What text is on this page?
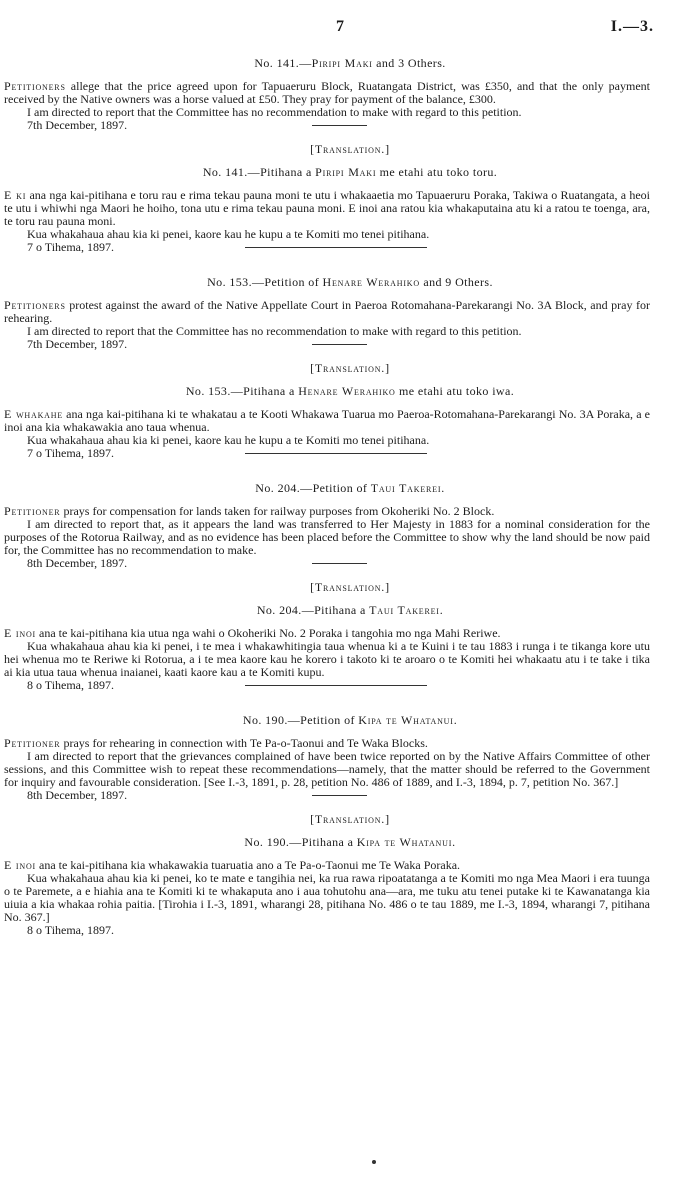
7	I.—3.

No. 141.—Piripi Maki and 3 Others.

Petitioners allege that the price agreed upon for Tapuaeruru Block, Ruatangata District, was £350, and that the only payment received by the Native owners was a horse valued at £50. They pray for payment of the balance, £300.

I am directed to report that the Committee has no recommendation to make with regard to this petition.

7th December, 1897.

[Translation.]

No. 141.—Pitihana a Piripi Maki me etahi atu toko toru.

E ki ana nga kai-pitihana e toru rau e rima tekau pauna moni te utu i whakaaetia mo Tapuaeruru Poraka, Takiwa o Ruatangata, a heoi te utu i whiwhi nga Maori he hoiho, tona utu e rima tekau pauna moni. E inoi ana ratou kia whakaputaina atu ki a ratou te toenga, ara, te toru rau pauna moni.

Kua whakahaua ahau kia ki penei, kaore kau he kupu a te Komiti mo tenei pitihana.

7 o Tihema, 1897.

No. 153.—Petition of Henare Werahiko and 9 Others.

Petitioners protest against the award of the Native Appellate Court in Paeroa Rotomahana-Parekarangi No. 3A Block, and pray for rehearing.

I am directed to report that the Committee has no recommendation to make with regard to this petition.

7th December, 1897.

[Translation.]

No. 153.—Pitihana a Henare Werahiko me etahi atu toko iwa.

E whakahe ana nga kai-pitihana ki te whakatau a te Kooti Whakawa Tuarua mo Paeroa-Rotomahana-Parekarangi No. 3A Poraka, a e inoi ana kia whakawakia ano taua whenua.

Kua whakahaua ahau kia ki penei, kaore kau he kupu a te Komiti mo tenei pitihana.

7 o Tihema, 1897.

No. 204.—Petition of Taui Takerei.

Petitioner prays for compensation for lands taken for railway purposes from Okoheriki No. 2 Block.

I am directed to report that, as it appears the land was transferred to Her Majesty in 1883 for a nominal consideration for the purposes of the Rotorua Railway, and as no evidence has been placed before the Committee to show why the land should be now paid for, the Committee has no recommendation to make.

8th December, 1897.

[Translation.]

No. 204.—Pitihana a Taui Takerei.

E inoi ana te kai-pitihana kia utua nga wahi o Okoheriki No. 2 Poraka i tangohia mo nga Mahi Reriwe.

Kua whakahaua ahau kia ki penei, i te mea i whakawhitingia taua whenua ki a te Kuini i te tau 1883 i runga i te tikanga kore utu hei whenua mo te Reriwe ki Rotorua, a i te mea kaore kau he korero i takoto ki te aroaro o te Komiti hei whakaatu atu i te take i tika ai kia utua taua whenua inaianei, kaati kaore kau a te Komiti kupu.

8 o Tihema, 1897.

No. 190.—Petition of Kipa te Whatanui.

Petitioner prays for rehearing in connection with Te Pa-o-Taonui and Te Waka Blocks.

I am directed to report that the grievances complained of have been twice reported on by the Native Affairs Committee of other sessions, and this Committee wish to repeat these recommendations—namely, that the matter should be referred to the Government for inquiry and favourable consideration. [See I.-3, 1891, p. 28, petition No. 486 of 1889, and I.-3, 1894, p. 7, petition No. 367.]

8th December, 1897.

[Translation.]

No. 190.—Pitihana a Kipa te Whatanui.

E inoi ana te kai-pitihana kia whakawakia tuaruatia ano a Te Pa-o-Taonui me Te Waka Poraka.

Kua whakahaua ahau kia ki penei, ko te mate e tangihia nei, ka rua rawa ripoatatanga a te Komiti mo nga Mea Maori i era tuunga o te Paremete, a e hiahia ana te Komiti ki te whakaputa ano i aua tohutohu ana—ara, me tuku atu tenei putake ki te Kawanatanga kia uiuia a kia whakaa rohia paitia. [Tirohia i I.-3, 1891, wharangi 28, pitihana No. 486 o te tau 1889, me I.-3, 1894, wharangi 7, pitihana No. 367.]

8 o Tihema, 1897.
